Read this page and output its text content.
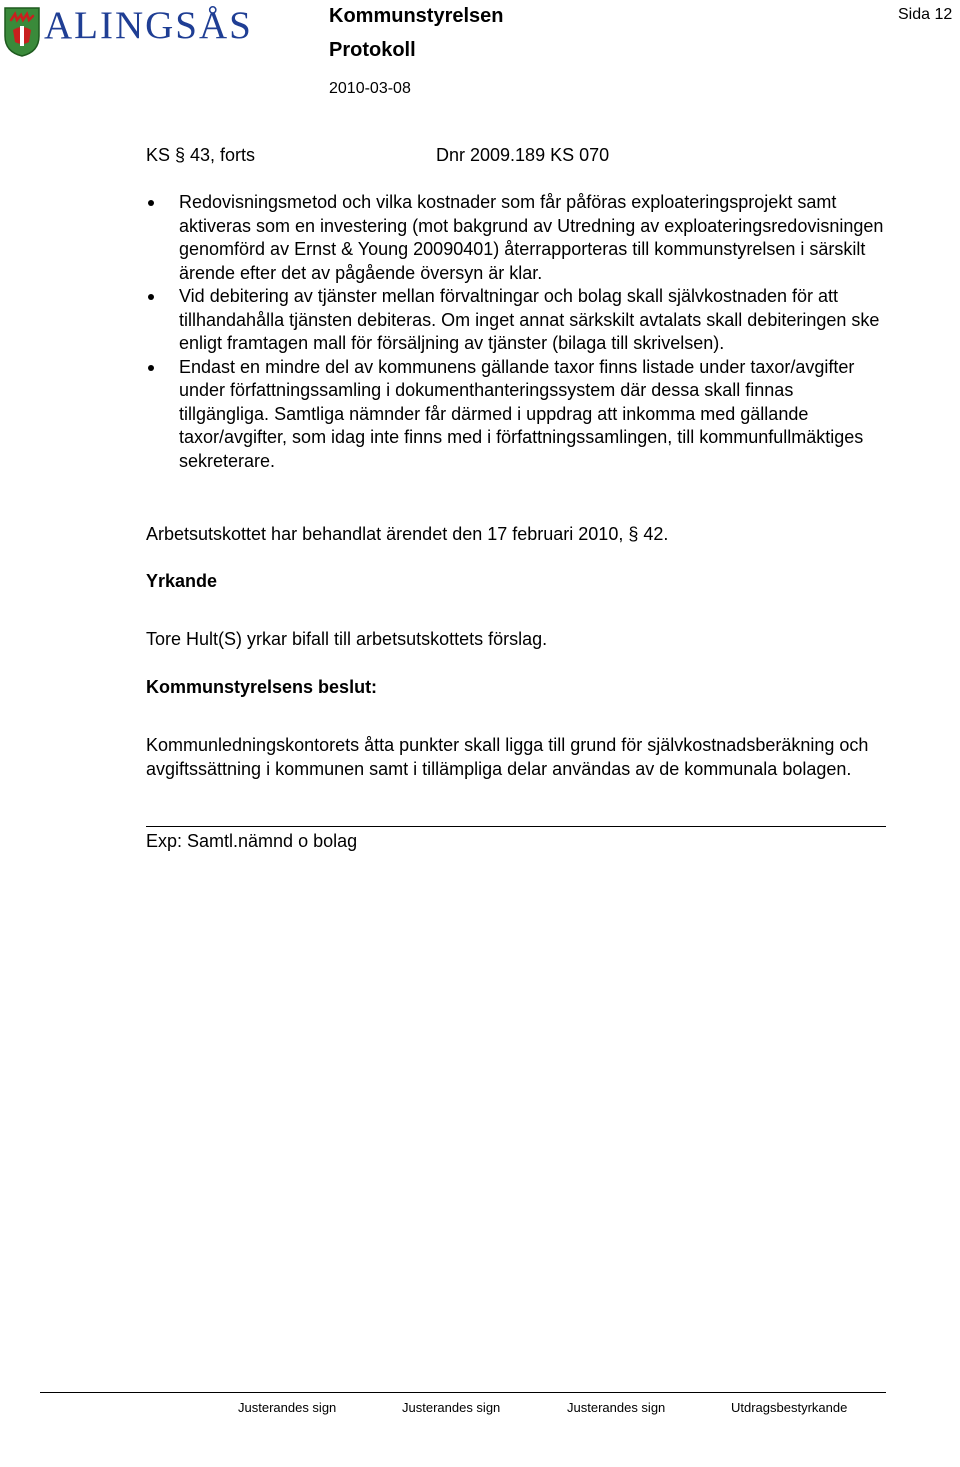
ALINGSÅS	Kommunstyrelsen
Protokoll
2010-03-08
Sida 12
KS § 43, forts	Dnr 2009.189 KS 070

Redovisningsmetod och vilka kostnader som får påföras exploateringsprojekt samt aktiveras som en investering (mot bakgrund av Utredning av exploateringsredovisningen genomförd av Ernst & Young 20090401) återrapporteras till kommunstyrelsen i särskilt ärende efter det av pågående översyn är klar.

Vid debitering av tjänster mellan förvaltningar och bolag skall självkostnaden för att tillhandahålla tjänsten debiteras. Om inget annat särkskilt avtalats skall debiteringen ske enligt framtagen mall för försäljning av tjänster (bilaga till skrivelsen).

Endast en mindre del av kommunens gällande taxor finns listade under taxor/avgifter under författningssamling i dokumenthanteringssystem där dessa skall finnas tillgängliga. Samtliga nämnder får därmed i uppdrag att inkomma med gällande taxor/avgifter, som idag inte finns med i författningssamlingen, till kommunfullmäktiges sekreterare.

Arbetsutskottet har behandlat ärendet den 17 februari 2010, § 42.

Yrkande

Tore Hult(S) yrkar bifall till arbetsutskottets förslag.

Kommunstyrelsens beslut:

Kommunledningskontorets åtta punkter skall ligga till grund för självkostnadsberäkning och avgiftssättning i kommunen samt i tillämpliga delar användas av de kommunala bolagen.

Exp: Samtl.nämnd o bolag

Justerandes sign	Justerandes sign	Justerandes sign	Utdragsbestyrkande
